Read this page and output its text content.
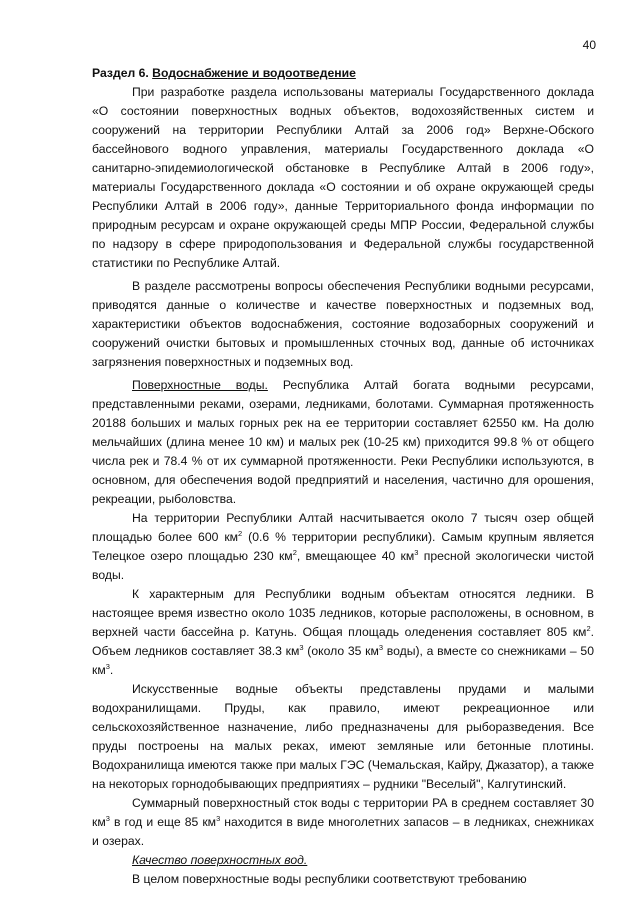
40
Раздел 6. Водоснабжение и водоотведение

При разработке раздела использованы материалы Государственного доклада «О состоянии поверхностных водных объектов, водохозяйственных систем и сооружений на территории Республики Алтай за 2006 год» Верхне-Обского бассейнового водного управления, материалы Государственного доклада «О санитарно-эпидемиологической обстановке в Республике Алтай в 2006 году», материалы Государственного доклада «О состоянии и об охране окружающей среды Республики Алтай в 2006 году», данные Территориального фонда информации по природным ресурсам и охране окружающей среды МПР России, Федеральной службы по надзору в сфере природопользования и Федеральной службы государственной статистики по Республике Алтай.

В разделе рассмотрены вопросы обеспечения Республики водными ресурсами, приводятся данные о количестве и качестве поверхностных и подземных вод, характеристики объектов водоснабжения, состояние водозаборных сооружений и сооружений очистки бытовых и промышленных сточных вод, данные об источниках загрязнения поверхностных и подземных вод.

Поверхностные воды. Республика Алтай богата водными ресурсами, представленными реками, озерами, ледниками, болотами. Суммарная протяженность 20188 больших и малых горных рек на ее территории составляет 62550 км. На долю мельчайших (длина менее 10 км) и малых рек (10-25 км) приходится 99.8 % от общего числа рек и 78.4 % от их суммарной протяженности. Реки Республики используются, в основном, для обеспечения водой предприятий и населения, частично для орошения, рекреации, рыболовства.

На территории Республики Алтай насчитывается около 7 тысяч озер общей площадью более 600 $км^2$ (0.6 % территории республики). Самым крупным является Телецкое озеро площадью 230 $км^2$, вмещающее 40 $км^3$ пресной экологически чистой воды.

К характерным для Республики водным объектам относятся ледники. В настоящее время известно около 1035 ледников, которые расположены, в основном, в верхней части бассейна р. Катунь. Общая площадь оледенения составляет 805 $км^2$. Объем ледников составляет 38.3 $км^3$ (около 35 $км^3$ воды), а вместе со снежниками – 50 $км^3$.

Искусственные водные объекты представлены прудами и малыми водохранилищами. Пруды, как правило, имеют рекреационное или сельскохозяйственное назначение, либо предназначены для рыборазведения. Все пруды построены на малых реках, имеют земляные или бетонные плотины. Водохранилища имеются также при малых ГЭС (Чемальская, Кайру, Джазатор), а также на некоторых горнодобывающих предприятиях – рудники "Веселый", Калгутинский.

Суммарный поверхностный сток воды с территории РА в среднем составляет 30 $км^3$ в год и еще 85 $км^3$ находится в виде многолетних запасов – в ледниках, снежниках и озерах.

Качество поверхностных вод.

В целом поверхностные воды республики соответствуют требованию
